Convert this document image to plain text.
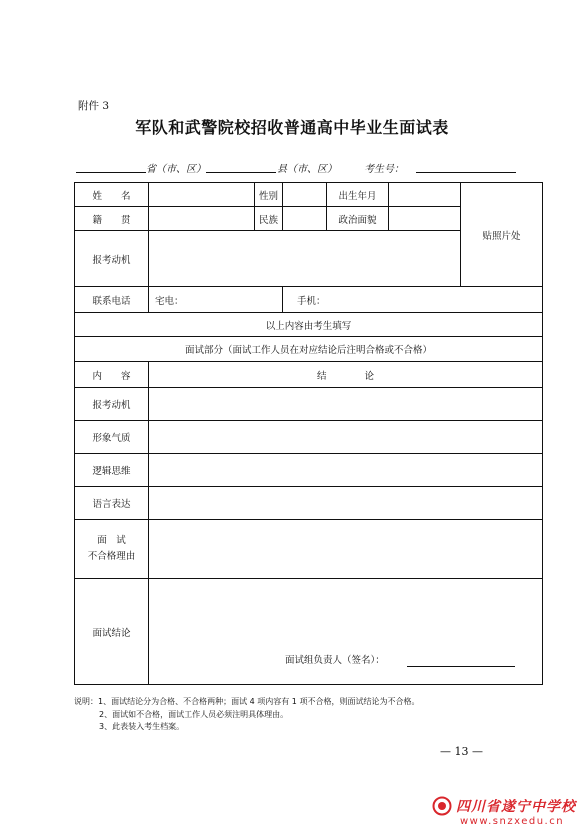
附件 3
军队和武警院校招收普通高中毕业生面试表
省（市、区）	县（市、区）	考生号：
姓　　名		性别		出生年月		贴照片处
籍　　贯		民族		政治面貌		
报考动机						
联系电话	宅电：		手机：			
以上内容由考生填写						
面试部分（面试工作人员在对应结论后注明合格或不合格）						
内　　容	结　　　　论					
报考动机						
形象气质						
逻辑思维						
语言表达						

面　试
不合格理由						

面试结论	面试组负责人（签名）：					
说明：1、面试结论分为合格、不合格两种；面试 4 项内容有 1 项不合格，则面试结论为不合格。
2、面试如不合格，面试工作人员必须注明具体理由。
3、此表装入考生档案。
— 13 —
四川省遂宁中学校
www.snzxedu.cn
